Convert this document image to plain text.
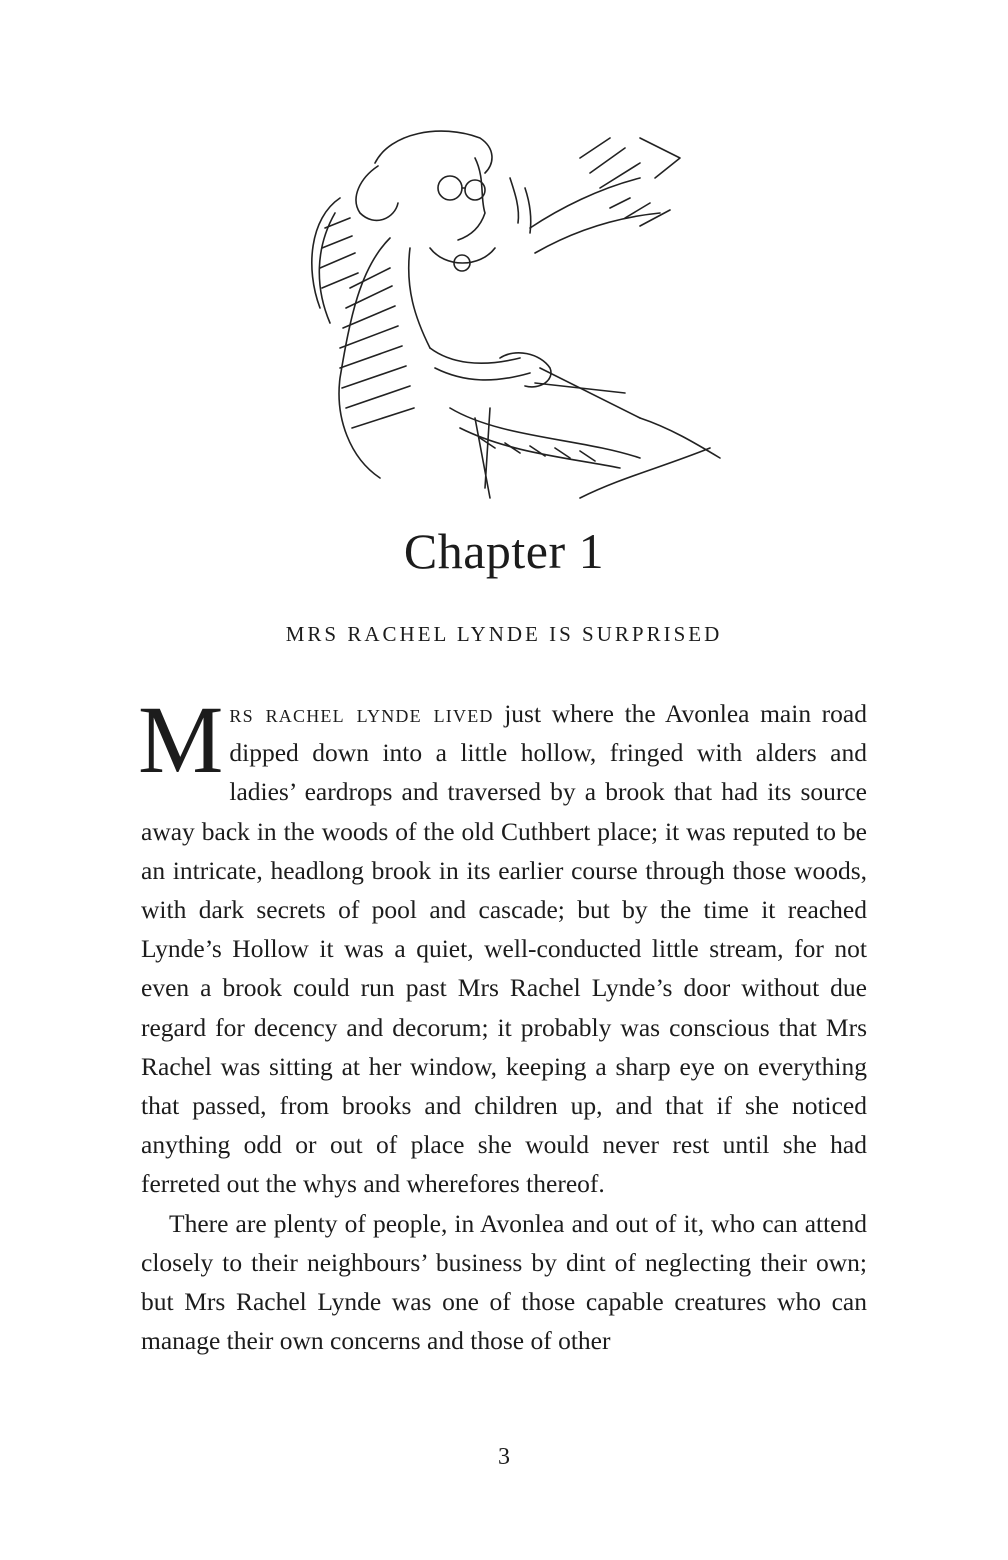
Chapter 1
MRS RACHEL LYNDE IS SURPRISED

Mrs rachel lynde lived just where the Avonlea main road dipped down into a little hollow, fringed with alders and ladies’ eardrops and traversed by a brook that had its source away back in the woods of the old Cuthbert place; it was reputed to be an intricate, headlong brook in its earlier course through those woods, with dark secrets of pool and cascade; but by the time it reached Lynde’s Hollow it was a quiet, well-conducted little stream, for not even a brook could run past Mrs Rachel Lynde’s door without due regard for decency and decorum; it probably was conscious that Mrs Rachel was sitting at her window, keeping a sharp eye on everything that passed, from brooks and children up, and that if she noticed anything odd or out of place she would never rest until she had ferreted out the whys and wherefores thereof.

There are plenty of people, in Avonlea and out of it, who can attend closely to their neighbours’ business by dint of neglecting their own; but Mrs Rachel Lynde was one of those capable creatures who can manage their own concerns and those of other

3
